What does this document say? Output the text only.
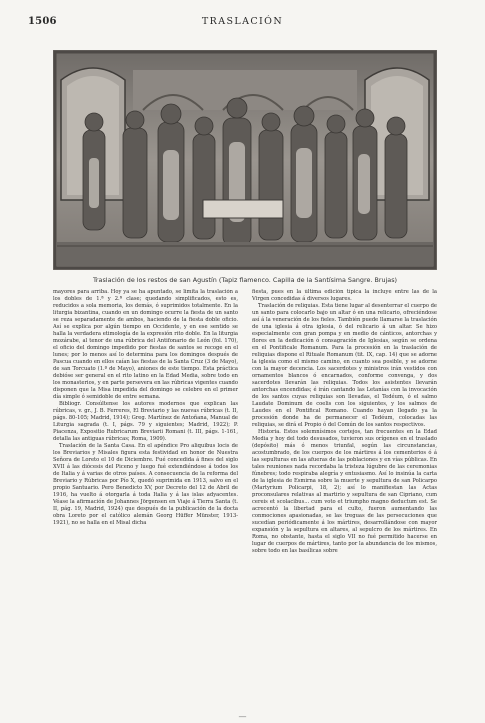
1506	TRASLACIÓN
Traslación de los restos de san Agustín (Tapiz flamenco. Capilla de la Santísima Sangre. Brujas)

mayores para arriba. Hoy ya se ha apuntado, se limita la traslación a los dobles de 1.ª y 2.ª clase; quedando simplificados, esto es, reducidos a sola memoria, los demás, ó suprimidos totalmente. En la liturgia bizantina, cuando en un domingo ocurre la fiesta de un santo se reza separadamente de ambos, haciendo de la fiesta doble oficio. Así se explica por algún tiempo en Occidente, y en ese sentido se halla la verdadera etimología de la expresión rito doble. En la liturgia mozárabe, al tenor de una rúbrica del Antifonario de León (fol. 170), el oficio del domingo impedido por fiestas de santos se recoge en el lunes; por lo menos así lo determina para los domingos después de Pascua cuando en ellos caían las fiestas de la Santa Cruz (3 de Mayo), de san Torcuato (1.º de Mayo), aniones de este tiempo. Esta práctica debióse ser general en el rito latino en la Edad Media, sobre todo en los monasterios, y en parte persevera en las rúbricas vigentes cuando disponen que la Misa impedida del domingo se celebre en el primer día simple ó semidoble de entre semana.

Bibliogr. Consúltense los autores modernos que explican las rúbricas, v. gr., J. B. Ferreres, El Breviario y las nuevas rúbricas (t. II, págs. 80-105; Madrid, 1914); Greg. Martínez de Antoñana, Manual de Liturgia sagrada (t. I, págs. 79 y siguientes; Madrid, 1922); P. Piacenza, Expositio Rubricarum Breviarii Romani (t. III, págs. 1-161, detalla las antiguas rúbricas; Roma, 1909).

Traslación de la Santa Casa. En el apéndice Pro aliquibus locis de los Breviarios y Misales figura esta festividad en honor de Nuestra Señora de Loreto el 10 de Diciembre. Fué concedida á fines del siglo XVII á las diócesis del Piceno y luego fué extendiéndose á todos los de Italia y á varias de otros países. A consecuencia de la reforma del Breviario y Rúbricas por Pío X, quedó suprimida en 1913, salvo en el propio Santuario. Pero Benedicto XV, por Decreto del 12 de Abril de 1916, ha vuelto á otorgarla á toda Italia y á las islas adyacentes. Véase la afirmación de Johannes Jörgensen en Viaje á Tierra Santa (t. II, pág. 19, Madrid, 1924) que después de la publicación de la docta obra Loreto por el católico alemán Georg Hüffer Münster, 1913-1921), no se halla en el Misal dicha

fiesta, pues en la última edición típica la incluye entre las de la Virgen concedidas á diversos lugares.

Traslación de reliquias. Esta tiene lugar al desenterrar el cuerpo de un santo para colocarlo bajo un altar ó en una relicario, ofreciéndose así á la veneración de los fieles. También puede llamarse la traslación de una iglesia á otra iglesia, ó del relicario á un altar. Se hizo especialmente con gran pompa y en medio de cánticos, antorchas y flores en la dedicación ó consagración de Iglesias, según se ordena en el Pontificale Romanum. Para la procesión en la traslación de reliquias dispone el Rituale Romanum (tit. IX, cap. 14) que se adorne la iglesia como el mismo camino, en cuanto sea posible, y se adorne con la mayor decencia. Los sacerdotes y ministros irán vestidos con ornamentos blancos ó encarnados, conforme convenga, y dos sacerdotes llevarán las reliquias. Todos los asistentes llevarán antorchas encendidas; é irán cantando las Letanías con la invocación de los santos cuyas reliquias son llevadas, el Tedéum, ó el salmo Laudate Dominum de coelis con los siguientes, y los salmos de Laudes en el Pontifical Romano. Cuando hayan llegado ya la procesión donde ha de permanecer el Tedéum, colocadas las reliquias, se dirá el Propio ó del Común de los santos respectivos.

Historia. Estos solemnísimos cortejos, tan frecuentes en la Edad Media y hoy del todo desusados, tuvieron sus orígenes en el traslado (depósito) más ó menos triunfal, según las circunstancias, acostumbrado, de los cuerpos de los mártires á los cementerios ó á las sepulturas en las afueras de las poblaciones y en vías públicas. En tales reuniones nada recordaba la tristeza lúgubre de las ceremonias fúnebres; todo respiraba alegría y entusiasmo. Así lo insinúa la carta de la iglesia de Esmirna sobre la muerte y sepultura de san Policarpo (Martyrium Policarpi, 18, 2); así lo manifiestan las Actas proconsulares relativas al martirio y sepultura de san Cipriano, cum cereis et scolacibus... cum voto et triumpho magno deductum est. Se acrecentó la libertad para el culto, fueron aumentando las conmociones apasionadas, se las treguas de las persecuciones que sucedían periódicamente á los mártires, desarrollándose con mayor expansión y la sepultura en altares, al sepulcro de los mártires. En Roma, no obstante, hasta el siglo VII no fué permitido hacerse en lugar de cuerpos de mártires, tanto por la abundancia de los mismos, sobre todo en las basílicas sobre

—
